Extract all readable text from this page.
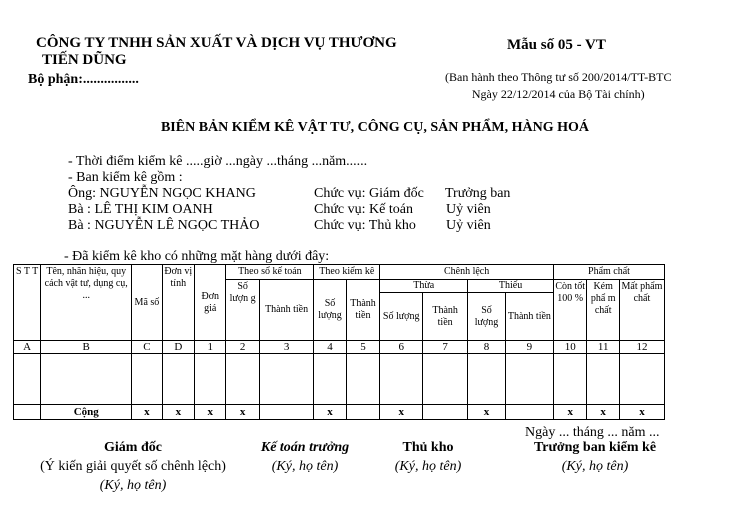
CÔNG TY TNHH SẢN XUẤT VÀ DỊCH VỤ THƯƠNG
TIẾN DŨNG
Bộ phận:................
Mẫu số 05 - VT
(Ban hành theo Thông tư số 200/2014/TT-BTC
Ngày 22/12/2014 của Bộ Tài chính)
BIÊN BẢN KIỂM KÊ VẬT TƯ, CÔNG CỤ, SẢN PHẨM, HÀNG HOÁ
- Thời điểm kiểm kê .....giờ ...ngày ...tháng ...năm......
- Ban kiểm kê gồm :
Ông: NGUYỄN NGỌC KHANG	Chức vụ: Giám đốc Trưởng ban
Bà : LÊ THỊ KIM OANH	Chức vụ: Kế toán Uỷ viên
Bà : NGUYỄN LÊ NGỌC THẢO	Chức vụ: Thủ kho Uỷ viên
- Đã kiểm kê kho có những mặt hàng dưới đây:
S T T	Tên, nhãn hiệu, quy cách vật tư, dụng cụ, ...	Mã số	Đơn vị tính	Đơn giá	Theo sổ kế toán		Theo kiểm kê		Chênh lệch				Phẩm chất		
					Số lượn g	Thành tiền	Số lượng	Thành tiền	Thừa		Thiếu		Còn tốt 100 %	Kém phẩ m chất	Mất phẩm chất
									Số lượng	Thành tiền	Số lượng	Thành tiền			
A	B	C	D	1	2	3	4	5	6	7	8	9	10	11	12

	Cộng	x	x	x	x		x		x		x		x	x	x
Ngày ... tháng ... năm ...
Giám đốc
(Ý kiến giải quyết số chênh lệch)
(Ký, họ tên)
Kế toán trưởng
(Ký, họ tên)
Thủ kho
(Ký, họ tên)
Trưởng ban kiểm kê
(Ký, họ tên)
